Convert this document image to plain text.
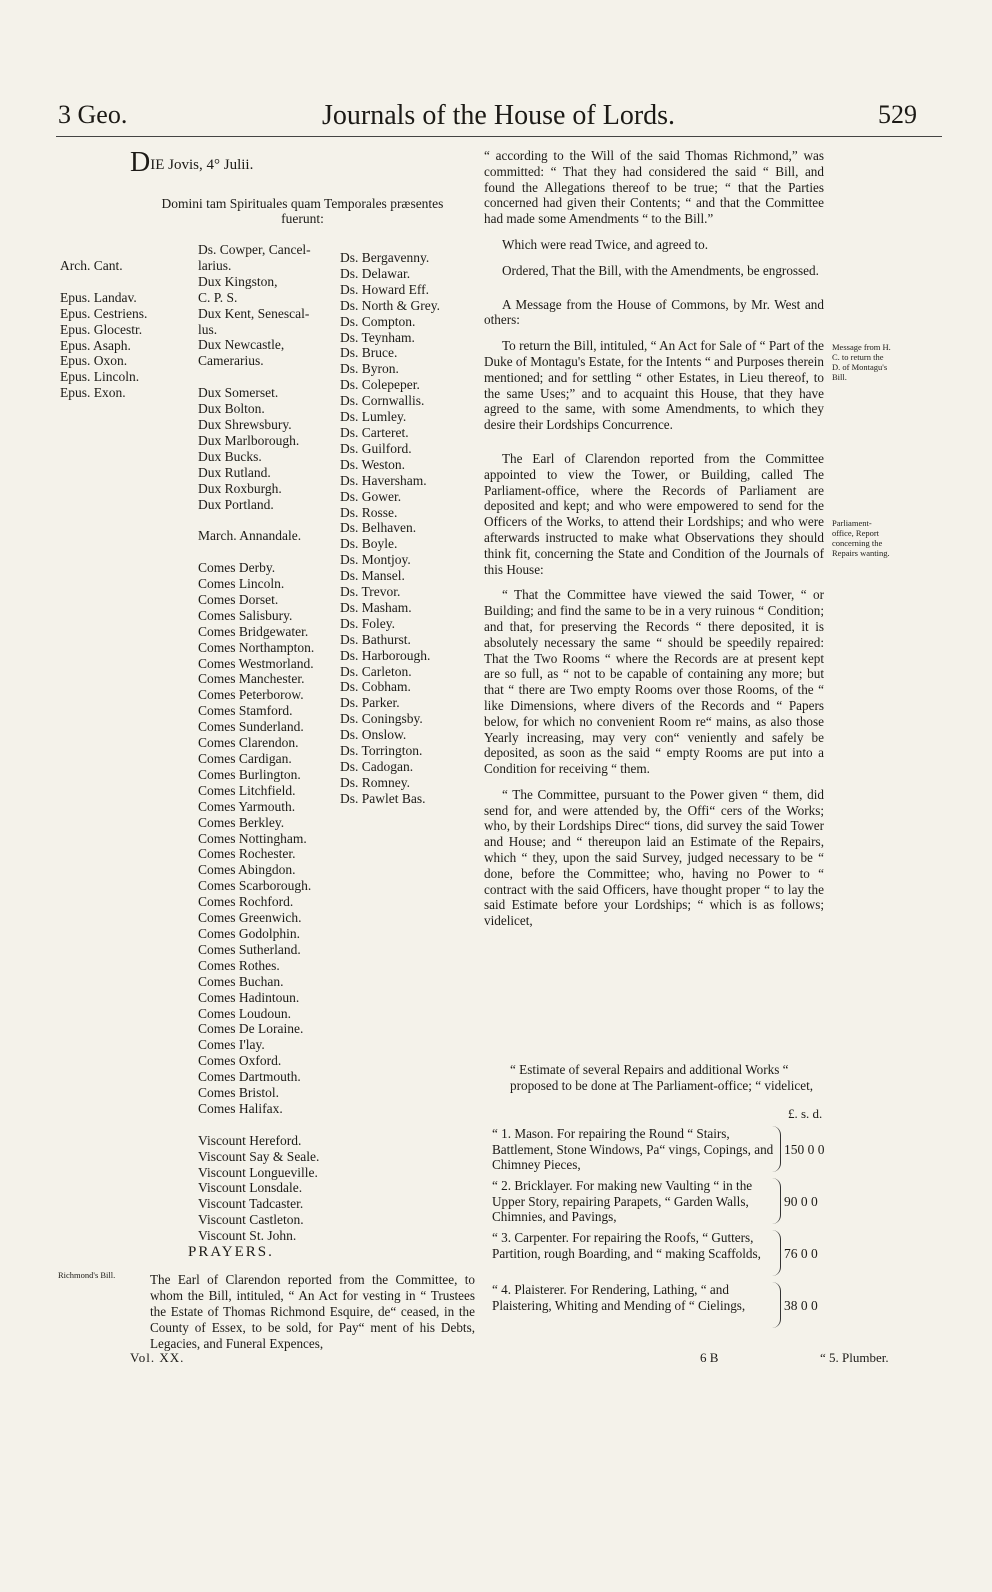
3 Geo.	Journals of the House of Lords.	529
DIE Jovis, 4° Julii.
Domini tam Spirituales quam Temporales præsentes
fuerunt:
Arch. Cant.

Epus. Landav.
Epus. Cestriens.
Epus. Glocestr.
Epus. Asaph.
Epus. Oxon.
Epus. Lincoln.
Epus. Exon.
Ds. Cowper, Cancel-
larius.
Dux Kingston,
C. P. S.
Dux Kent, Senescal-
lus.
Dux Newcastle,
Camerarius.

Dux Somerset.
Dux Bolton.
Dux Shrewsbury.
Dux Marlborough.
Dux Bucks.
Dux Rutland.
Dux Roxburgh.
Dux Portland.

March. Annandale.

Comes Derby.
Comes Lincoln.
Comes Dorset.
Comes Salisbury.
Comes Bridgewater.
Comes Northampton.
Comes Westmorland.
Comes Manchester.
Comes Peterborow.
Comes Stamford.
Comes Sunderland.
Comes Clarendon.
Comes Cardigan.
Comes Burlington.
Comes Litchfield.
Comes Yarmouth.
Comes Berkley.
Comes Nottingham.
Comes Rochester.
Comes Abingdon.
Comes Scarborough.
Comes Rochford.
Comes Greenwich.
Comes Godolphin.
Comes Sutherland.
Comes Rothes.
Comes Buchan.
Comes Hadintoun.
Comes Loudoun.
Comes De Loraine.
Comes I'lay.
Comes Oxford.
Comes Dartmouth.
Comes Bristol.
Comes Halifax.

Viscount Hereford.
Viscount Say & Seale.
Viscount Longueville.
Viscount Lonsdale.
Viscount Tadcaster.
Viscount Castleton.
Viscount St. John.
Ds. Bergavenny.
Ds. Delawar.
Ds. Howard Eff.
Ds. North & Grey.
Ds. Compton.
Ds. Teynham.
Ds. Bruce.
Ds. Byron.
Ds. Colepeper.
Ds. Cornwallis.
Ds. Lumley.
Ds. Carteret.
Ds. Guilford.
Ds. Weston.
Ds. Haversham.
Ds. Gower.
Ds. Rosse.
Ds. Belhaven.
Ds. Boyle.
Ds. Montjoy.
Ds. Mansel.
Ds. Trevor.
Ds. Masham.
Ds. Foley.
Ds. Bathurst.
Ds. Harborough.
Ds. Carleton.
Ds. Cobham.
Ds. Parker.
Ds. Coningsby.
Ds. Onslow.
Ds. Torrington.
Ds. Cadogan.
Ds. Romney.
Ds. Pawlet Bas.
PRAYERS.
Richmond's Bill.	The Earl of Clarendon reported from the Committee, to whom the Bill, intituled, “ An Act for vesting in “ Trustees the Estate of Thomas Richmond Esquire, de“ ceased, in the County of Essex, to be sold, for Pay“ ment of his Debts, Legacies, and Funeral Expences,
Vol. XX.	6 B	“ 5. Plumber.

“ according to the Will of the said Thomas Richmond,” was committed: “ That they had considered the said “ Bill, and found the Allegations thereof to be true; “ that the Parties concerned had given their Contents; “ and that the Committee had made some Amendments “ to the Bill.”

Which were read Twice, and agreed to.

Ordered, That the Bill, with the Amendments, be engrossed.

A Message from the House of Commons, by Mr. West and others:

To return the Bill, intituled, “ An Act for Sale of “ Part of the Duke of Montagu's Estate, for the Intents “ and Purposes therein mentioned; and for settling “ other Estates, in Lieu thereof, to the same Uses;” and to acquaint this House, that they have agreed to the same, with some Amendments, to which they desire their Lordships Concurrence.

The Earl of Clarendon reported from the Committee appointed to view the Tower, or Building, called The Parliament-office, where the Records of Parliament are deposited and kept; and who were empowered to send for the Officers of the Works, to attend their Lordships; and who were afterwards instructed to make what Observations they should think fit, concerning the State and Condition of the Journals of this House:

“ That the Committee have viewed the said Tower, “ or Building; and find the same to be in a very ruinous “ Condition; and that, for preserving the Records “ there deposited, it is absolutely necessary the same “ should be speedily repaired: That the Two Rooms “ where the Records are at present kept are so full, as “ not to be capable of containing any more; but that “ there are Two empty Rooms over those Rooms, of the “ like Dimensions, where divers of the Records and “ Papers below, for which no convenient Room re“ mains, as also those Yearly increasing, may very con“ veniently and safely be deposited, as soon as the said “ empty Rooms are put into a Condition for receiving “ them.

“ The Committee, pursuant to the Power given “ them, did send for, and were attended by, the Offi“ cers of the Works; who, by their Lordships Direc“ tions, did survey the said Tower and House; and “ thereupon laid an Estimate of the Repairs, which “ they, upon the said Survey, judged necessary to be “ done, before the Committee; who, having no Power to “ contract with the said Officers, have thought proper “ to lay the said Estimate before your Lordships; “ which is as follows; videlicet,

Message from H. C. to return the D. of Montagu's Bill.
Parliament-office, Report concerning the Repairs wanting.
“ Estimate of several Repairs and additional Works “ proposed to be done at The Parliament-office; “ videlicet,
£. s. d.
“ 1. Mason. For repairing the Round “ Stairs, Battlement, Stone Windows, Pa“ vings, Copings, and Chimney Pieces,
150 0 0
“ 2. Bricklayer. For making new Vaulting “ in the Upper Story, repairing Parapets, “ Garden Walls, Chimnies, and Pavings,
90 0 0
“ 3. Carpenter. For repairing the Roofs, “ Gutters, Partition, rough Boarding, and “ making Scaffolds,	76 0 0
“ 4. Plaisterer. For Rendering, Lathing, “ and Plaistering, Whiting and Mending of “ Cielings,	38 0 0
